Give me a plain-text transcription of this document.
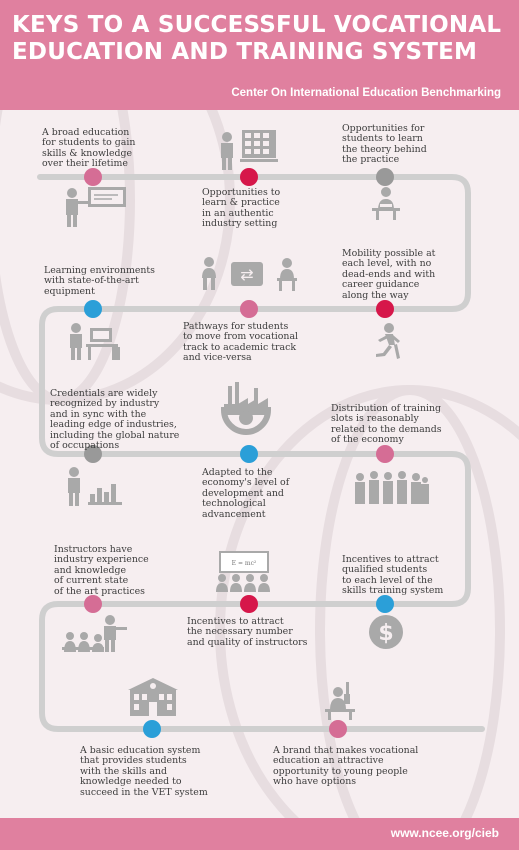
KEYS TO A SUCCESSFUL VOCATIONAL EDUCATION AND TRAINING SYSTEM
Center On International Education Benchmarking
A broad education
for students to gain
skills & knowledge
over their lifetime
Opportunities to
learn & practice
in an authentic
industry setting
Opportunities for
students to learn
the theory behind
the practice
Learning environments
with state-of-the-art
equipment
Pathways for students
to move from vocational
track to academic track
and vice-versa
Mobility possible at
each level, with no
dead-ends and with
career guidance
along the way
Credentials are widely
recognized by industry
and in sync with the
leading edge of industries,
including the global nature
of occupations
Adapted to the
economy's level of
development and
technological
advancement
Distribution of training
slots is reasonably
related to the demands
of the economy
Instructors have
industry experience
and knowledge
of current state
of the art practices
Incentives to attract
the necessary number
and quality of instructors
Incentives to attract
qualified students
to each level of the
skills training system
A basic education system
that provides students
with the skills and
knowledge needed to
succeed in the VET system
A brand that makes vocational
education an attractive
opportunity to young people
who have options
⇄
E = mc²
$
www.ncee.org/cieb
